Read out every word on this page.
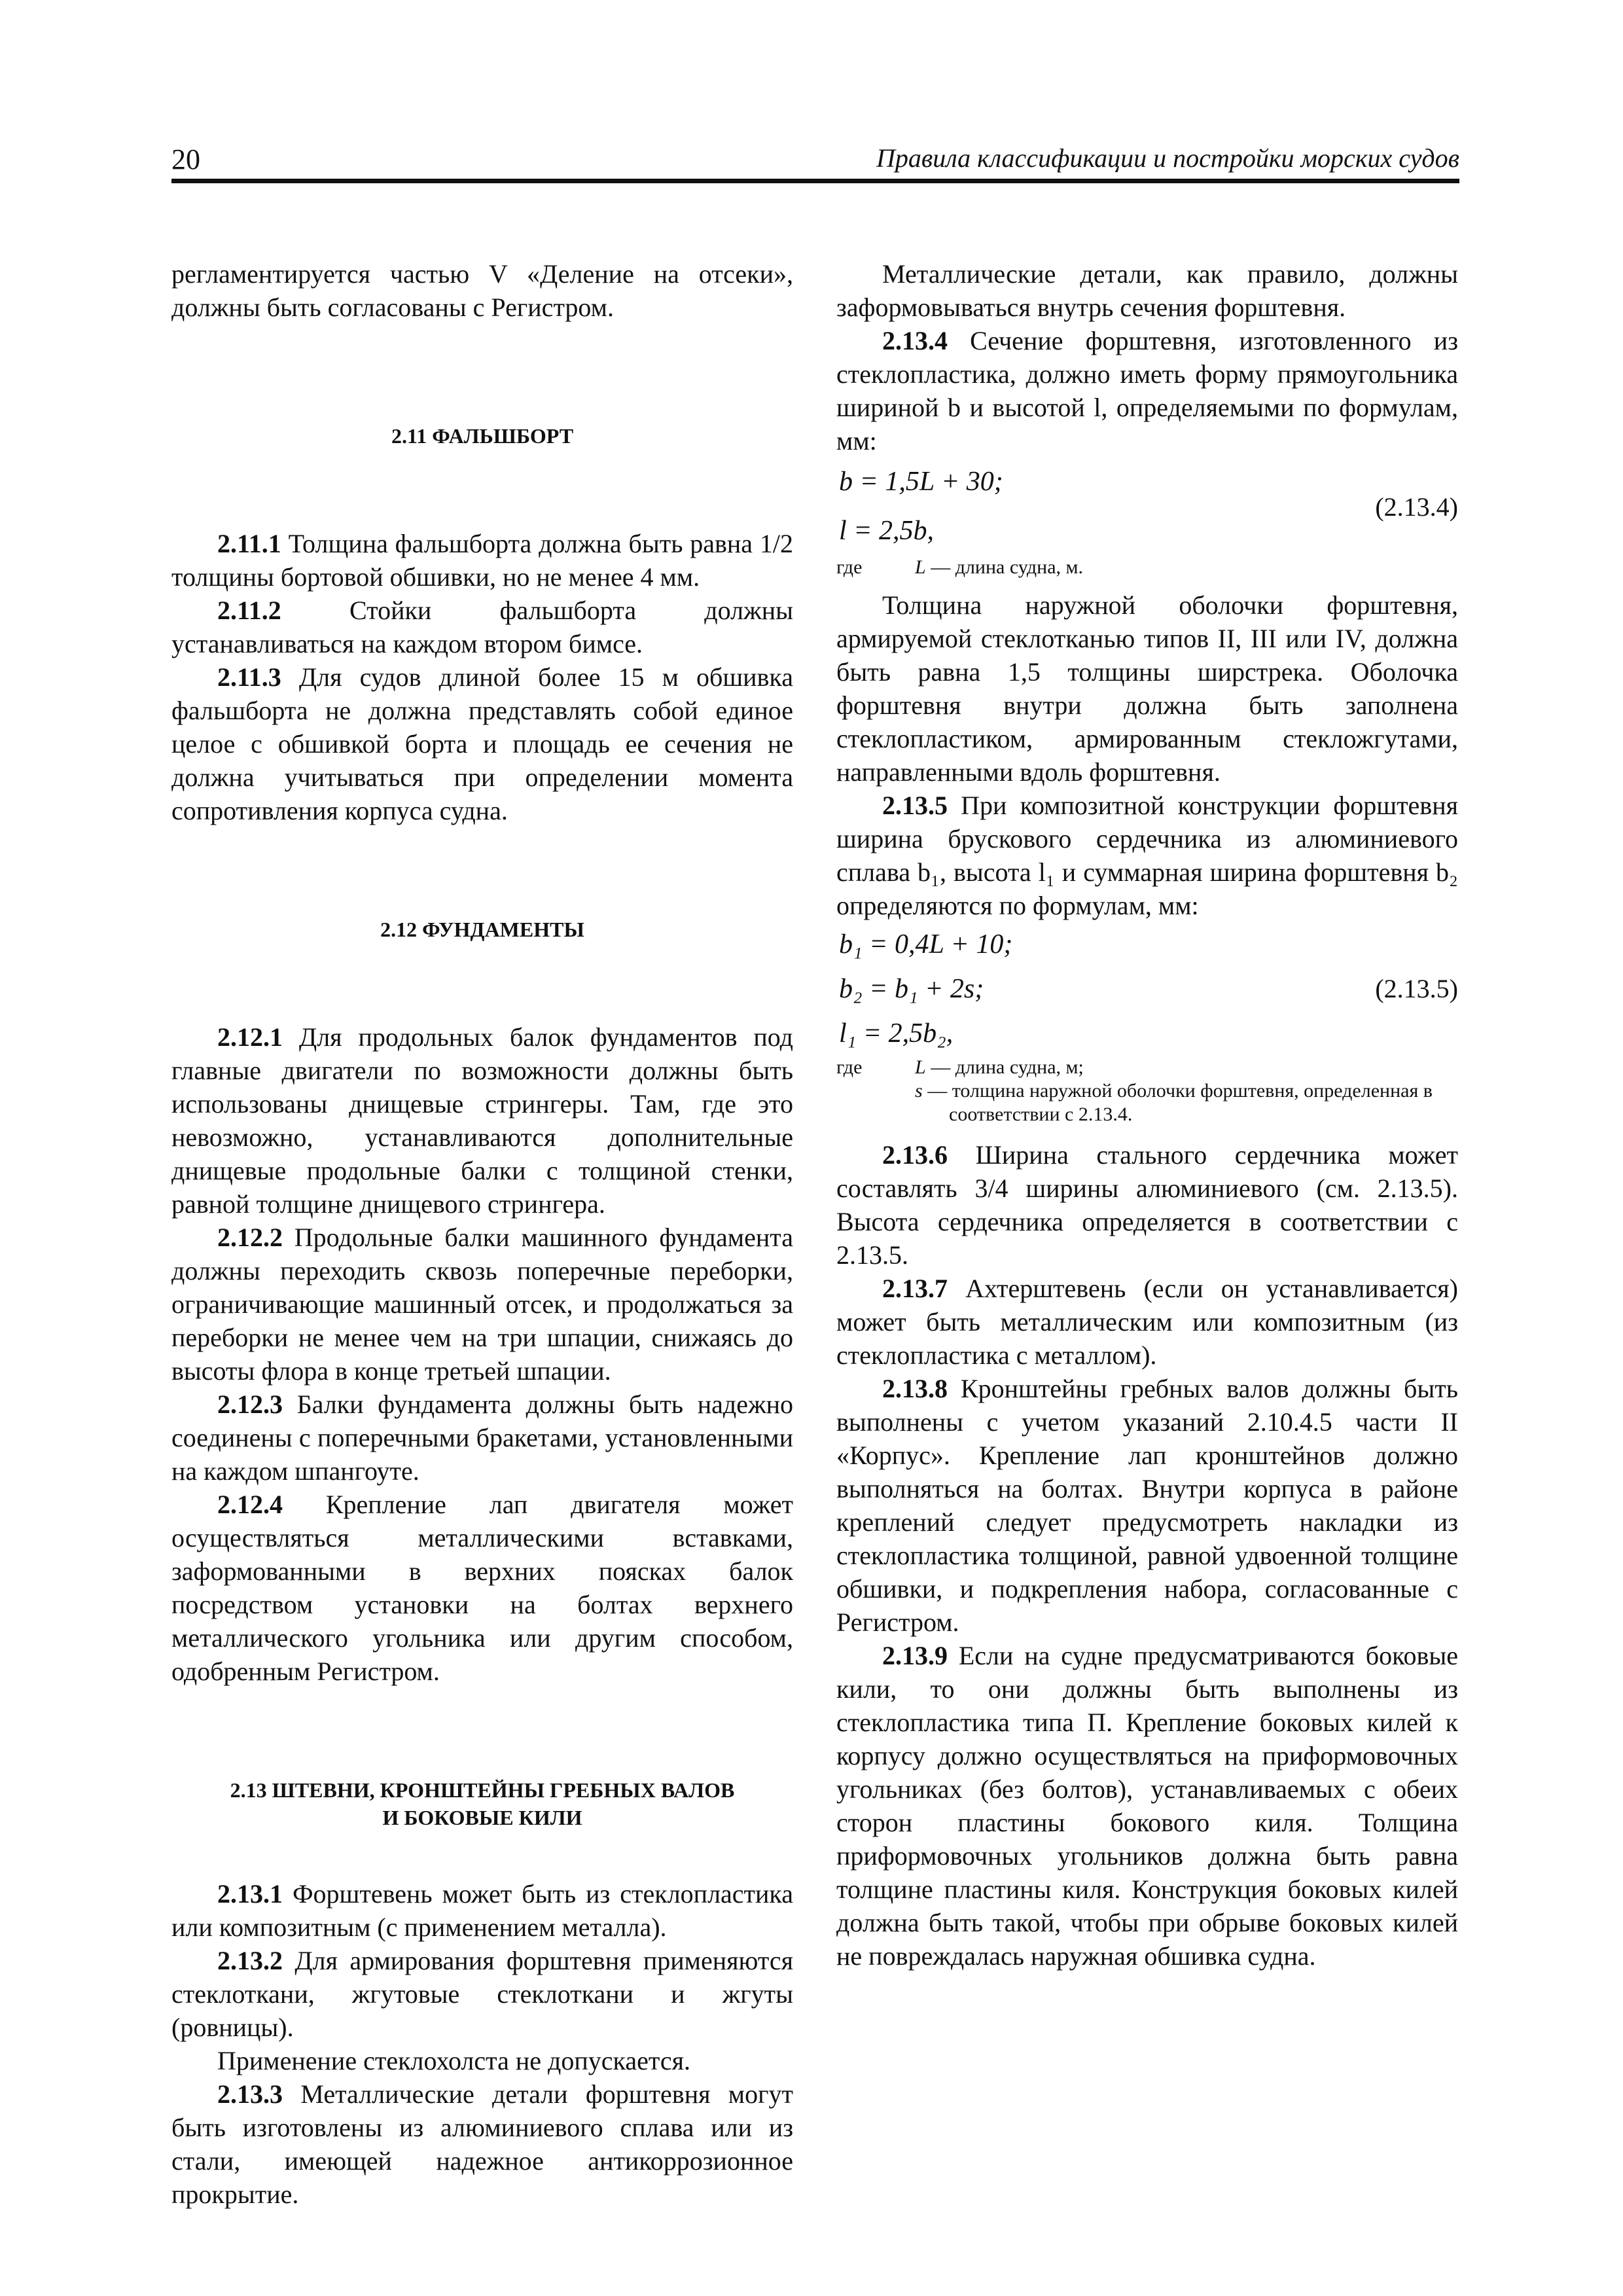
20	Правила классификации и постройки морских судов

регламентируется частью V «Деление на отсеки», должны быть согласованы с Регистром.

2.11 ФАЛЬШБОРТ

2.11.1 Толщина фальшборта должна быть равна 1/2 толщины бортовой обшивки, но не менее 4 мм.

2.11.2 Стойки фальшборта должны устанавливаться на каждом втором бимсе.

2.11.3 Для судов длиной более 15 м обшивка фальшборта не должна представлять собой единое целое с обшивкой борта и площадь ее сечения не должна учитываться при определении момента сопротивления корпуса судна.

2.12 ФУНДАМЕНТЫ

2.12.1 Для продольных балок фундаментов под главные двигатели по возможности должны быть использованы днищевые стрингеры. Там, где это невозможно, устанавливаются дополнительные днищевые продольные балки с толщиной стенки, равной толщине днищевого стрингера.

2.12.2 Продольные балки машинного фундамента должны переходить сквозь поперечные переборки, ограничивающие машинный отсек, и продолжаться за переборки не менее чем на три шпации, снижаясь до высоты флора в конце третьей шпации.

2.12.3 Балки фундамента должны быть надежно соединены с поперечными бракетами, установленными на каждом шпангоуте.

2.12.4 Крепление лап двигателя может осуществляться металлическими вставками, заформованными в верхних поясках балок посредством установки на болтах верхнего металлического угольника или другим способом, одобренным Регистром.

2.13 ШТЕВНИ, КРОНШТЕЙНЫ ГРЕБНЫХ ВАЛОВ
И БОКОВЫЕ КИЛИ

2.13.1 Форштевень может быть из стеклопластика или композитным (с применением металла).

2.13.2 Для армирования форштевня применяются стеклоткани, жгутовые стеклоткани и жгуты (ровницы).

Применение стеклохолста не допускается.

2.13.3 Металлические детали форштевня могут быть изготовлены из алюминиевого сплава или из стали, имеющей надежное антикоррозионное прокрытие.

Металлические детали, как правило, должны заформовываться внутрь сечения форштевня.

2.13.4 Сечение форштевня, изготовленного из стеклопластика, должно иметь форму прямоугольника шириной b и высотой l, определяемыми по формулам, мм:

b = 1,5L + 30;
(2.13.4)
l = 2,5b,
где	L — длина судна, м.

Толщина наружной оболочки форштевня, армируемой стеклотканью типов II, III или IV, должна быть равна 1,5 толщины ширстрека. Оболочка форштевня внутри должна быть заполнена стеклопластиком, армированным стекложгутами, направленными вдоль форштевня.

2.13.5 При композитной конструкции форштевня ширина брускового сердечника из алюминиевого сплава b₁, высота l₁ и суммарная ширина форштевня b₂ определяются по формулам, мм:

b₁ = 0,4L + 10;
b₂ = b₁ + 2s;	(2.13.5)
l₁ = 2,5b₂,
где	L — длина судна, м;
s — толщина наружной оболочки форштевня, определенная в соответствии с 2.13.4.

2.13.6 Ширина стального сердечника может составлять 3/4 ширины алюминиевого (см. 2.13.5). Высота сердечника определяется в соответствии с 2.13.5.

2.13.7 Ахтерштевень (если он устанавливается) может быть металлическим или композитным (из стеклопластика с металлом).

2.13.8 Кронштейны гребных валов должны быть выполнены с учетом указаний 2.10.4.5 части II «Корпус». Крепление лап кронштейнов должно выполняться на болтах. Внутри корпуса в районе креплений следует предусмотреть накладки из стеклопластика толщиной, равной удвоенной толщине обшивки, и подкрепления набора, согласованные с Регистром.

2.13.9 Если на судне предусматриваются боковые кили, то они должны быть выполнены из стеклопластика типа П. Крепление боковых килей к корпусу должно осуществляться на приформовочных угольниках (без болтов), устанавливаемых с обеих сторон пластины бокового киля. Толщина приформовочных угольников должна быть равна толщине пластины киля. Конструкция боковых килей должна быть такой, чтобы при обрыве боковых килей не повреждалась наружная обшивка судна.
